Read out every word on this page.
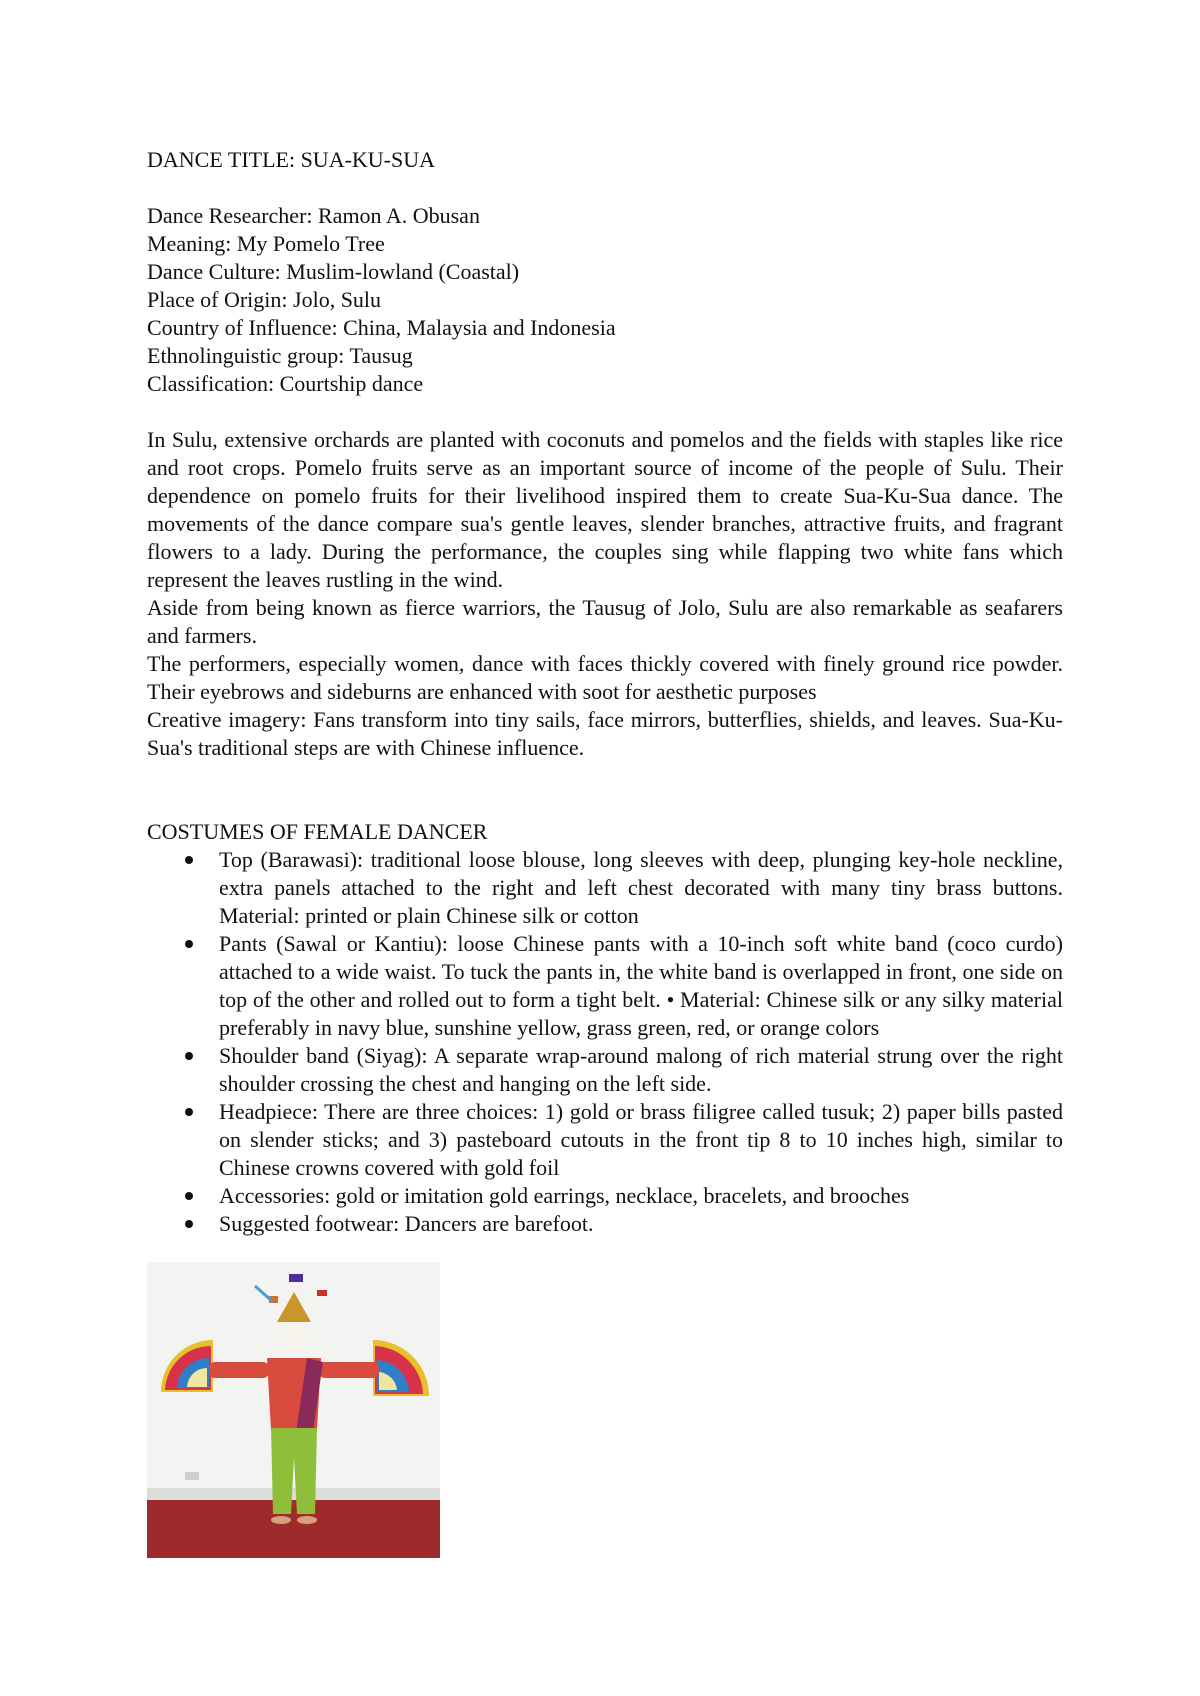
DANCE TITLE: SUA-KU-SUA
Dance Researcher: Ramon A. Obusan
Meaning: My Pomelo Tree
Dance Culture: Muslim-lowland (Coastal)
Place of Origin: Jolo, Sulu
Country of Influence: China, Malaysia and Indonesia
Ethnolinguistic group: Tausug
Classification: Courtship dance

In Sulu, extensive orchards are planted with coconuts and pomelos and the fields with staples like rice and root crops. Pomelo fruits serve as an important source of income of the people of Sulu. Their dependence on pomelo fruits for their livelihood inspired them to create Sua-Ku-Sua dance. The movements of the dance compare sua's gentle leaves, slender branches, attractive fruits, and fragrant flowers to a lady. During the performance, the couples sing while flapping two white fans which represent the leaves rustling in the wind.

Aside from being known as fierce warriors, the Tausug of Jolo, Sulu are also remarkable as seafarers and farmers.

The performers, especially women, dance with faces thickly covered with finely ground rice powder. Their eyebrows and sideburns are enhanced with soot for aesthetic purposes

Creative imagery: Fans transform into tiny sails, face mirrors, butterflies, shields, and leaves. Sua-Ku-Sua's traditional steps are with Chinese influence.

COSTUMES OF FEMALE DANCER
Top (Barawasi): traditional loose blouse, long sleeves with deep, plunging key-hole neckline, extra panels attached to the right and left chest decorated with many tiny brass buttons. Material: printed or plain Chinese silk or cotton
Pants (Sawal or Kantiu): loose Chinese pants with a 10-inch soft white band (coco curdo) attached to a wide waist. To tuck the pants in, the white band is overlapped in front, one side on top of the other and rolled out to form a tight belt. • Material: Chinese silk or any silky material preferably in navy blue, sunshine yellow, grass green, red, or orange colors
Shoulder band (Siyag): A separate wrap-around malong of rich material strung over the right shoulder crossing the chest and hanging on the left side.
Headpiece: There are three choices: 1) gold or brass filigree called tusuk; 2) paper bills pasted on slender sticks; and 3) pasteboard cutouts in the front tip 8 to 10 inches high, similar to Chinese crowns covered with gold foil
Accessories: gold or imitation gold earrings, necklace, bracelets, and brooches
Suggested footwear: Dancers are barefoot.
